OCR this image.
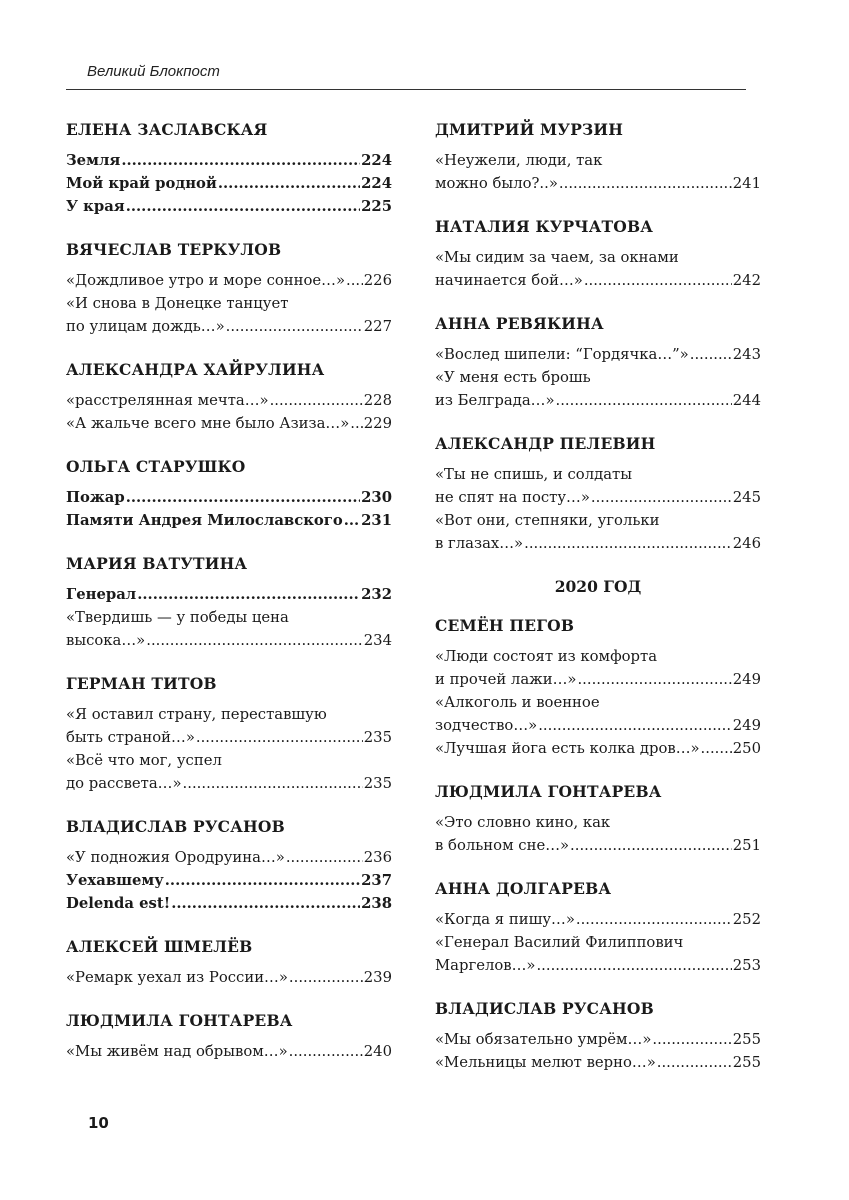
Великий Блокпост
ЕЛЕНА ЗАСЛАВСКАЯ
Земля .....	224
Мой край родной .....	224
У края .....	225
ВЯЧЕСЛАВ ТЕРКУЛОВ
«Дождливое утро и море сонное…» ..... 226
«И снова в Донецке танцует
по улицам дождь…» .....	227
АЛЕКСАНДРА ХАЙРУЛИНА
«расстрелянная мечта…» .....	228
«А жальче всего мне было Азиза…» ..... 229
ОЛЬГА СТАРУШКО
Пожар .....	230
Памяти Андрея Милославского ..... 231
МАРИЯ ВАТУТИНА
Генерал .....	232
«Твердишь — у победы цена
высока…» .....	234
ГЕРМАН ТИТОВ
«Я оставил страну, переставшую
быть страной…» .....	235
«Всё что мог, успел
до рассвета…» .....	235
ВЛАДИСЛАВ РУСАНОВ
«У подножия Ородруина…» .....	236
Уехавшему .....	237
Delenda est! .....	238
АЛЕКСЕЙ ШМЕЛЁВ
«Ремарк уехал из России…» .....	239
ЛЮДМИЛА ГОНТАРЕВА
«Мы живём над обрывом…» .....	240
ДМИТРИЙ МУРЗИН
«Неужели, люди, так
можно было?..» .....	241
НАТАЛИЯ КУРЧАТОВА
«Мы сидим за чаем, за окнами
начинается бой…» .....	242
АННА РЕВЯКИНА
«Вослед шипели: “Гордячка…”» .....	243
«У меня есть брошь
из Белграда…» .....	244
АЛЕКСАНДР ПЕЛЕВИН
«Ты не спишь, и солдаты
не спят на посту…» .....	245
«Вот они, степняки, угольки
в глазах…» .....	246
2020 ГОД
СЕМЁН ПЕГОВ
«Люди состоят из комфорта
и прочей лажи…» .....	249
«Алкоголь и военное
зодчество…» .....	249
«Лучшая йога есть колка дров…» ..... 250
ЛЮДМИЛА ГОНТАРЕВА
«Это словно кино, как
в больном сне…» .....	251
АННА ДОЛГАРЕВА
«Когда я пишу…» .....	252
«Генерал Василий Филиппович
Маргелов…» .....	253
ВЛАДИСЛАВ РУСАНОВ
«Мы обязательно умрём…» .....	255
«Мельницы мелют верно…» .....	255
10
